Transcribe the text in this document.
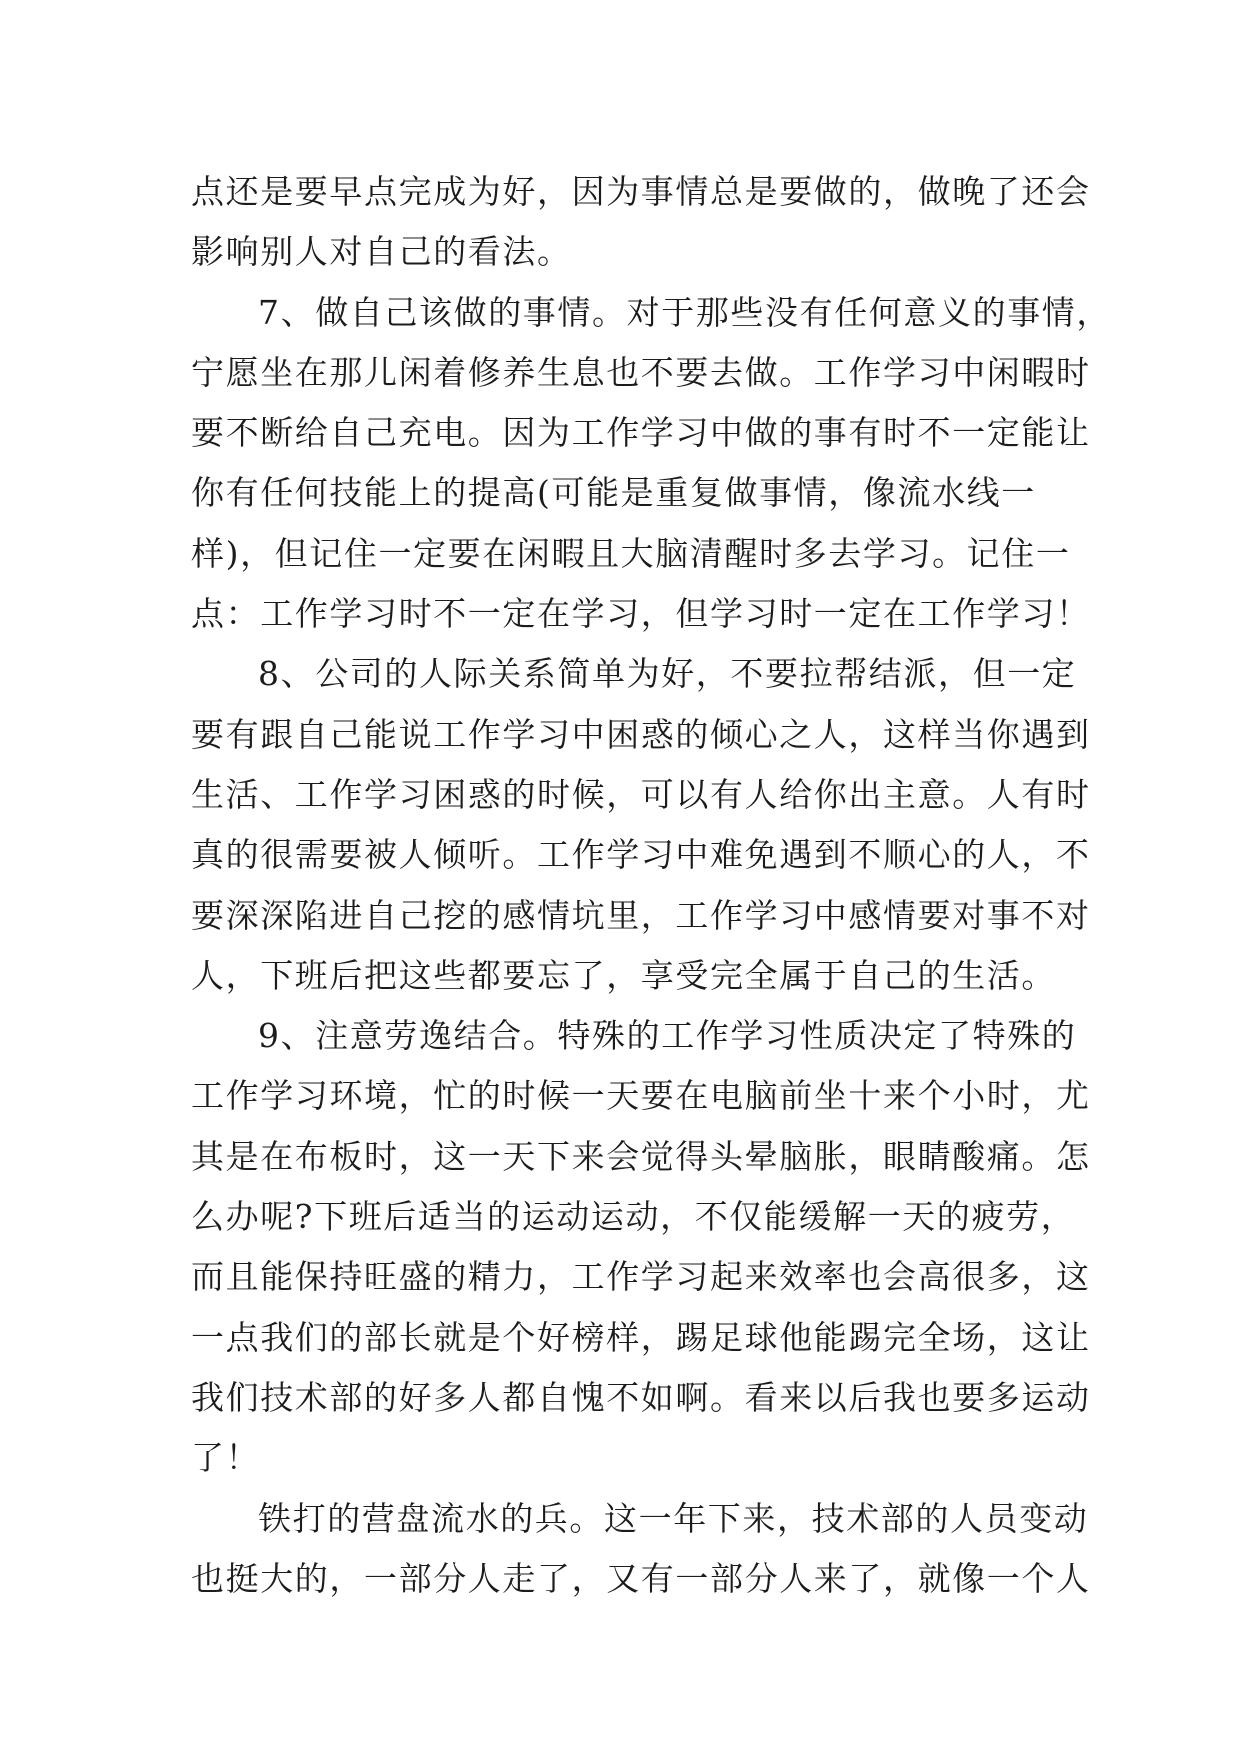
点还是要早点完成为好，因为事情总是要做的，做晚了还会

影响别人对自己的看法。

7、做自己该做的事情。对于那些没有任何意义的事情，

宁愿坐在那儿闲着修养生息也不要去做。工作学习中闲暇时

要不断给自己充电。因为工作学习中做的事有时不一定能让

你有任何技能上的提高(可能是重复做事情，像流水线一

样)，但记住一定要在闲暇且大脑清醒时多去学习。记住一

点：工作学习时不一定在学习，但学习时一定在工作学习！

8、公司的人际关系简单为好，不要拉帮结派，但一定

要有跟自己能说工作学习中困惑的倾心之人，这样当你遇到

生活、工作学习困惑的时候，可以有人给你出主意。人有时

真的很需要被人倾听。工作学习中难免遇到不顺心的人，不

要深深陷进自己挖的感情坑里，工作学习中感情要对事不对

人，下班后把这些都要忘了，享受完全属于自己的生活。

9、注意劳逸结合。特殊的工作学习性质决定了特殊的

工作学习环境，忙的时候一天要在电脑前坐十来个小时，尤

其是在布板时，这一天下来会觉得头晕脑胀，眼睛酸痛。怎

么办呢?下班后适当的运动运动，不仅能缓解一天的疲劳，

而且能保持旺盛的精力，工作学习起来效率也会高很多，这

一点我们的部长就是个好榜样，踢足球他能踢完全场，这让

我们技术部的好多人都自愧不如啊。看来以后我也要多运动

了！

铁打的营盘流水的兵。这一年下来，技术部的人员变动

也挺大的，一部分人走了，又有一部分人来了，就像一个人
